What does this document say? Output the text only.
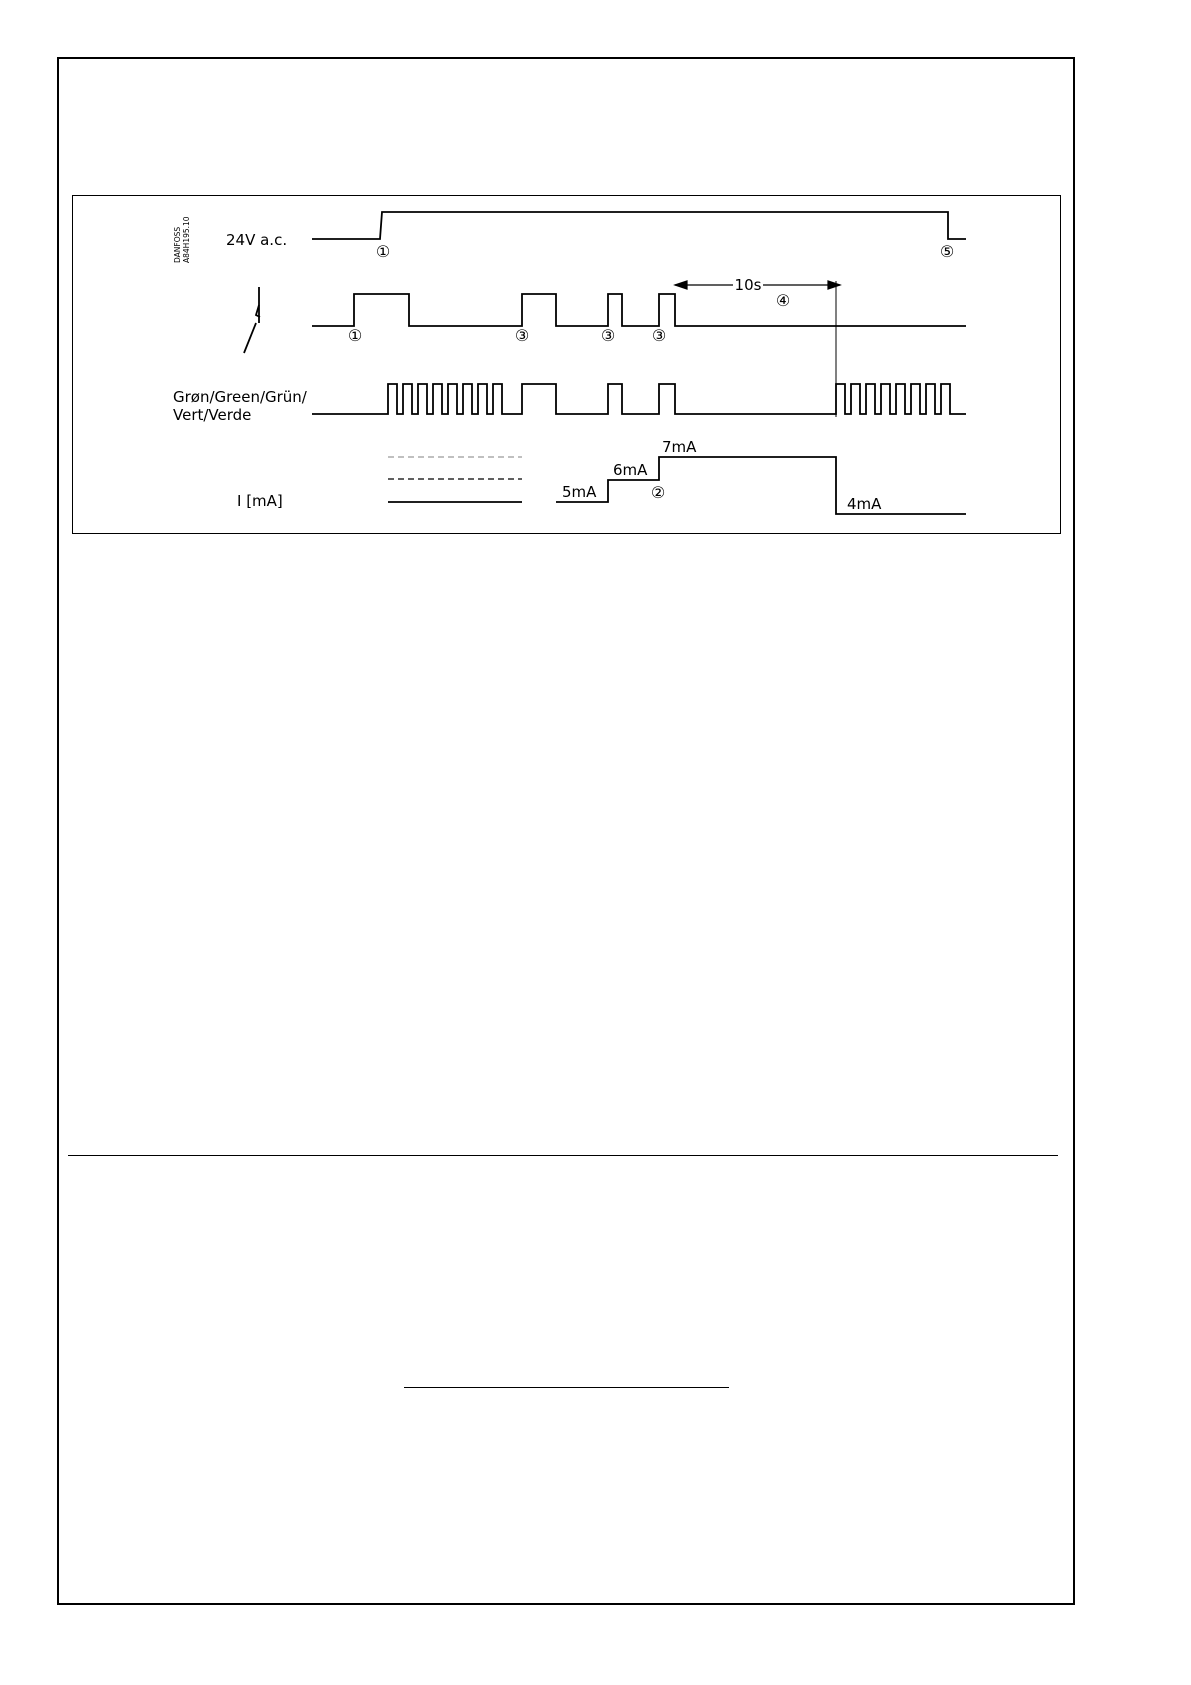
DANFOSS A84H195.10 24V a.c.
①	⑤
①	③	③ ③
10s
④
Grøn/Green/Grün/
Vert/Verde
I [mA]	5mA
6mA
7mA
4mA
②
